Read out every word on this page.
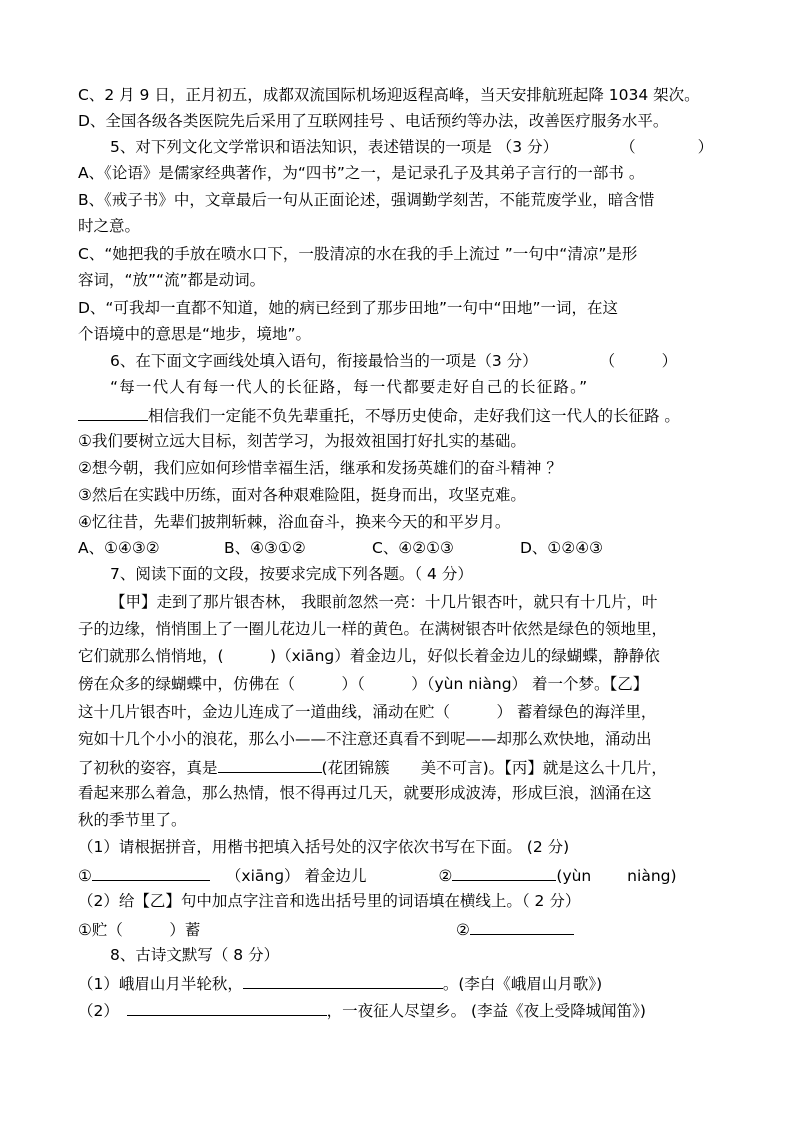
C、2 月 9 日，正月初五，成都双流国际机场迎返程高峰，当天安排航班起降 1034 架次。
D、全国各级各类医院先后采用了互联网挂号 、电话预约等办法，改善医疗服务水平。
5、对下列文化文学常识和语法知识，表述错误的一项是 （3 分）　　　　　（　　　　）
A、《论语》是儒家经典著作，为“四书”之一，是记录孔子及其弟子言行的一部书 。
B、《戒子书》中，文章最后一句从正面论述，强调勤学刻苦，不能荒废学业，暗含惜
时之意。
C、“她把我的手放在喷水口下，一股清凉的水在我的手上流过 ”一句中“清凉”是形
容词，“放”“流”都是动词。
D、“可我却一直都不知道，她的病已经到了那步田地”一句中“田地”一词，在这
个语境中的意思是“地步，境地”。
6、在下面文字画线处填入语句，衔接最恰当的一项是（3 分）　　　　　（　　　）
“每一代人有每一代人的长征路，每一代都要走好自己的长征路。”
相信我们一定能不负先辈重托，不辱历史使命，走好我们这一代人的长征路 。
①我们要树立远大目标，刻苦学习，为报效祖国打好扎实的基础。
②想今朝，我们应如何珍惜幸福生活，继承和发扬英雄们的奋斗精神 ？
③然后在实践中历练，面对各种艰难险阻，挺身而出，攻坚克难。
④忆往昔，先辈们披荆斩棘，浴血奋斗，换来今天的和平岁月。
A、①④③②	B、④③①②	C、④②①③	D、①②④③
7、阅读下面的文段，按要求完成下列各题。（ 4 分）
【甲】走到了那片银杏林， 我眼前忽然一亮：十几片银杏叶，就只有十几片，叶
子的边缘，悄悄围上了一圈儿花边儿一样的黄色。在满树银杏叶依然是绿色的领地里，
它们就那么悄悄地，(　　　)（xiānɡ）着金边儿，好似长着金边儿的绿蝴蝶，静静依
傍在众多的绿蝴蝶中，仿佛在（　　　）（　　　）（yùn niàng） 着一个梦。【乙】
这十几片银杏叶，金边儿连成了一道曲线，涌动在贮（　　　） 蓄着绿色的海洋里，
宛如十几个小小的浪花，那么小——不注意还真看不到呢——却那么欢快地，涌动出
了初秋的姿容，真是	(花团锦簇　　美不可言)。【丙】就是这么十几片，
看起来那么着急，那么热情，恨不得再过几天，就要形成波涛，形成巨浪，汹涌在这
秋的季节里了。
（1）请根据拼音，用楷书把填入括号处的汉字依次书写在下面。 (2 分)
①	（xiānɡ） 着金边儿	②	(yùn　　 niàng)
（2）给【乙】句中加点字注音和选出括号里的词语填在横线上。（ 2 分）
①贮（　　　）蓄	②
8、古诗文默写（ 8 分）
（1）峨眉山月半轮秋，	。(李白《峨眉山月歌》)
（2）　	，一夜征人尽望乡。 (李益《夜上受降城闻笛》)
